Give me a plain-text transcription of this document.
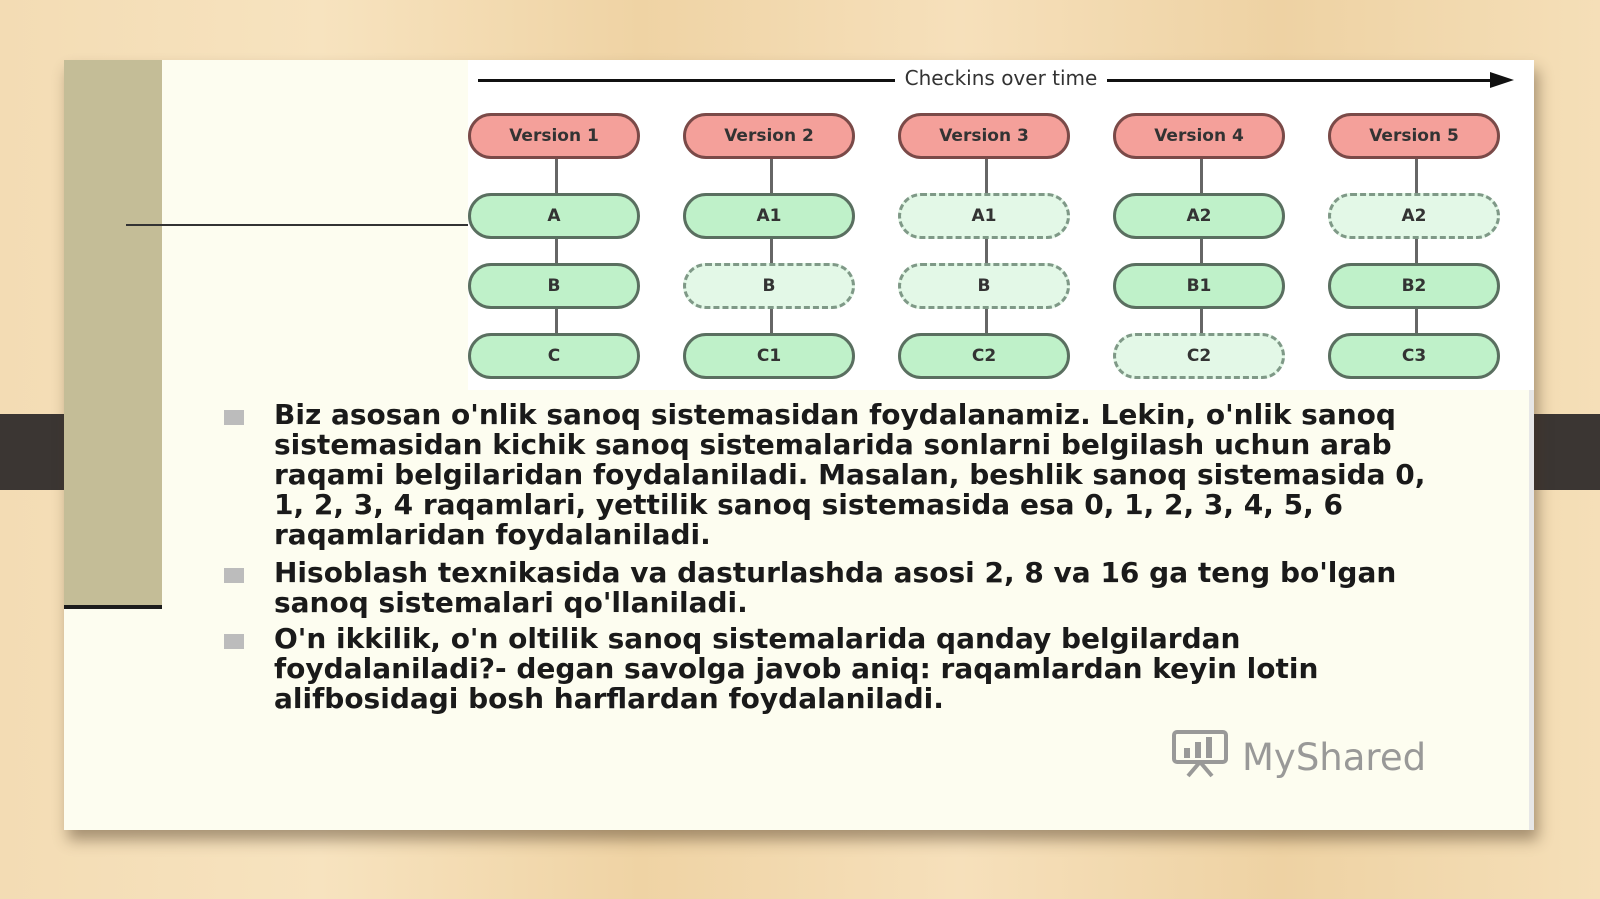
Checkins over time
Version 1
A
B
C
Version 2
A1
B
C1
Version 3
A1
B
C2
Version 4
A2
B1
C2
Version 5
A2
B2
C3

Biz asosan o'nlik sanoq sistemasidan foydalanamiz. Lekin, o'nlik sanoq sistemasidan kichik sanoq sistemalarida sonlarni belgilash uchun arab raqami belgilaridan foydalaniladi. Masalan, beshlik sanoq sistemasida 0, 1, 2, 3, 4 raqamlari, yettilik sanoq sistemasida esa 0, 1, 2, 3, 4, 5, 6 raqamlaridan foydalaniladi.

Hisoblash texnikasida va dasturlashda asosi 2, 8 va 16 ga teng bo'lgan sanoq sistemalari qo'llaniladi.

O'n ikkilik, o'n oltilik sanoq sistemalarida qanday belgilardan foydalaniladi?- degan savolga javob aniq: raqamlardan keyin lotin alifbosidagi bosh harflardan foydalaniladi.

MyShared
